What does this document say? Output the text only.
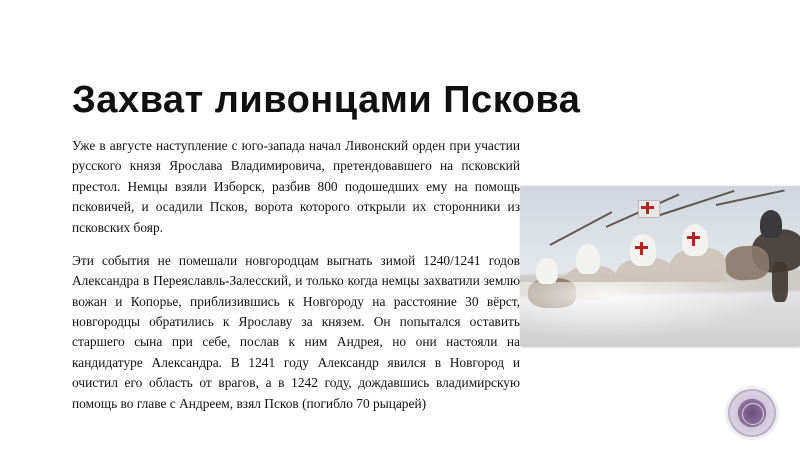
Захват ливонцами Пскова

Уже в августе наступление с юго-запада начал Ливонский орден при участии русского князя Ярослава Владимировича, претендовавшего на псковский престол. Немцы взяли Изборск, разбив 800 подошедших ему на помощь псковичей, и осадили Псков, ворота которого открыли их сторонники из псковских бояр.

Эти события не помешали новгородцам выгнать зимой 1240/1241 годов Александра в Переяславль-Залесский, и только когда немцы захватили землю вожан и Копорье, приблизившись к Новгороду на расстояние 30 вёрст, новгородцы обратились к Ярославу за князем. Он попытался оставить старшего сына при себе, послав к ним Андрея, но они настояли на кандидатуре Александра. В 1241 году Александр явился в Новгород и очистил его область от врагов, а в 1242 году, дождавшись владимирскую помощь во главе с Андреем, взял Псков (погибло 70 рыцарей)
